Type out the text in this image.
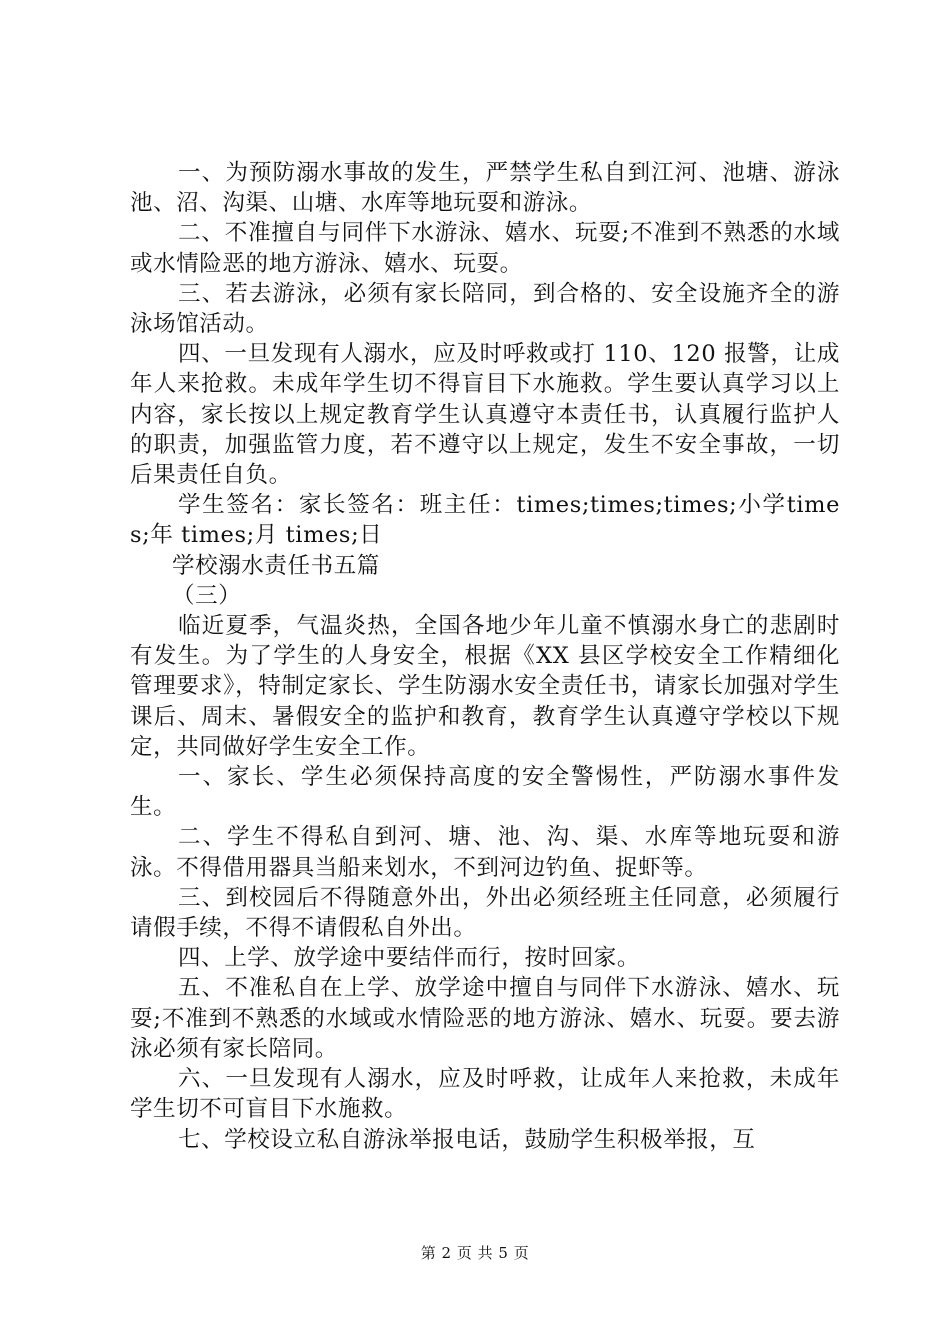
一、为预防溺水事故的发生，严禁学生私自到江河、池塘、游泳池、沼、沟渠、山塘、水库等地玩耍和游泳。

二、不准擅自与同伴下水游泳、嬉水、玩耍;不准到不熟悉的水域或水情险恶的地方游泳、嬉水、玩耍。

三、若去游泳，必须有家长陪同，到合格的、安全设施齐全的游泳场馆活动。

四、一旦发现有人溺水，应及时呼救或打 110、120 报警，让成年人来抢救。未成年学生切不得盲目下水施救。学生要认真学习以上内容，家长按以上规定教育学生认真遵守本责任书，认真履行监护人的职责，加强监管力度，若不遵守以上规定，发生不安全事故，一切后果责任自负。

学生签名：家长签名：班主任：times;times;times;小学times;年 times;月 times;日

学校溺水责任书五篇

（三）

临近夏季，气温炎热，全国各地少年儿童不慎溺水身亡的悲剧时有发生。为了学生的人身安全，根据《XX 县区学校安全工作精细化管理要求》，特制定家长、学生防溺水安全责任书，请家长加强对学生课后、周末、暑假安全的监护和教育，教育学生认真遵守学校以下规定，共同做好学生安全工作。

一、家长、学生必须保持高度的安全警惕性，严防溺水事件发生。

二、学生不得私自到河、塘、池、沟、渠、水库等地玩耍和游泳。不得借用器具当船来划水，不到河边钓鱼、捉虾等。

三、到校园后不得随意外出，外出必须经班主任同意，必须履行请假手续，不得不请假私自外出。

四、上学、放学途中要结伴而行，按时回家。

五、不准私自在上学、放学途中擅自与同伴下水游泳、嬉水、玩耍;不准到不熟悉的水域或水情险恶的地方游泳、嬉水、玩耍。要去游泳必须有家长陪同。

六、一旦发现有人溺水，应及时呼救，让成年人来抢救，未成年学生切不可盲目下水施救。

七、学校设立私自游泳举报电话，鼓励学生积极举报，互

第 2 页 共 5 页
